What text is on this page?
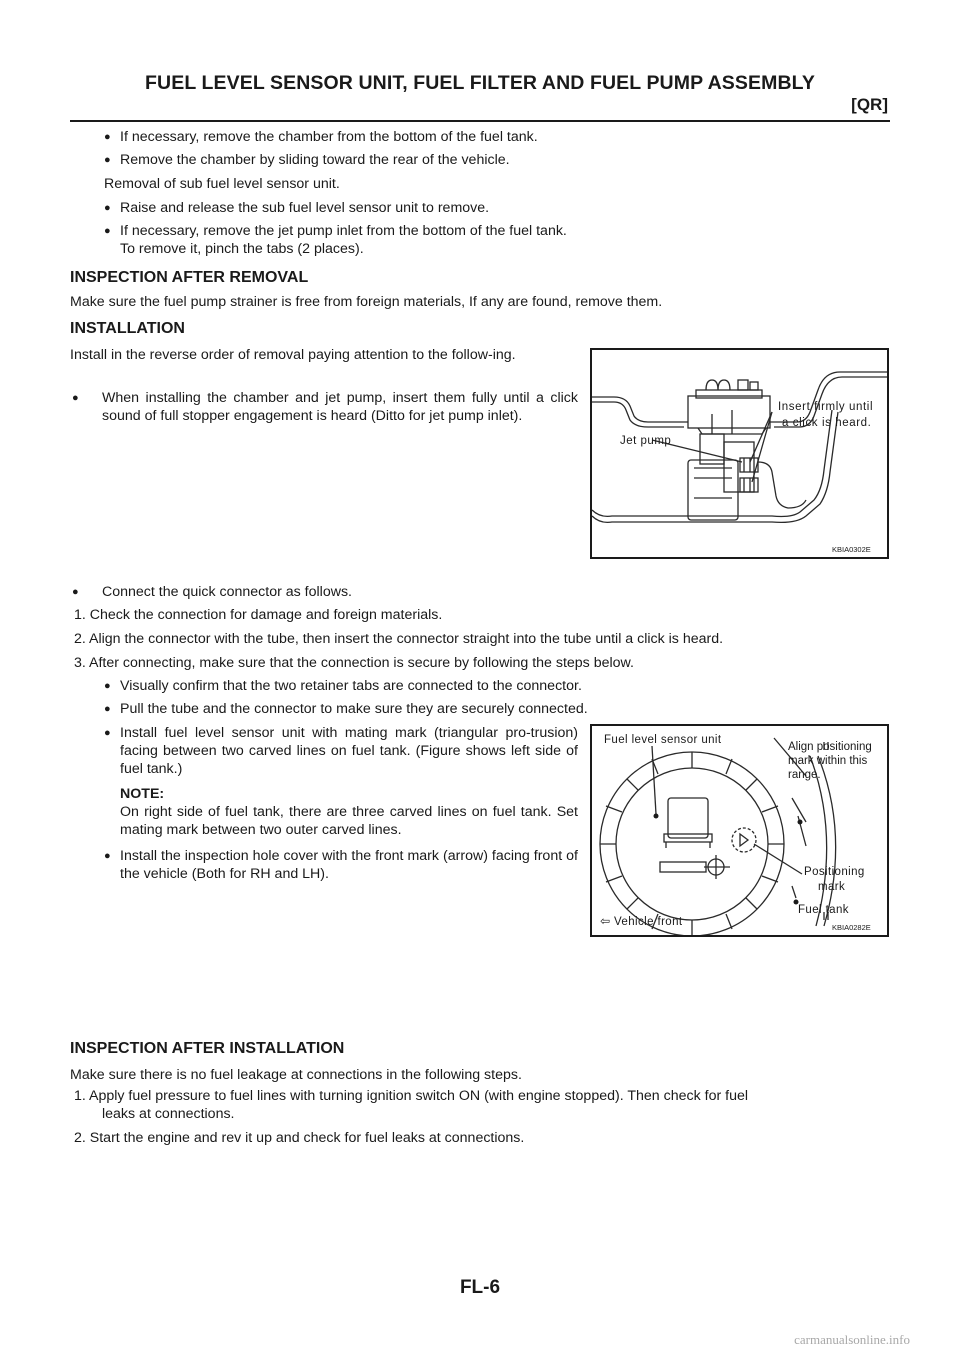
FUEL LEVEL SENSOR UNIT, FUEL FILTER AND FUEL PUMP ASSEMBLY
[QR]
● If necessary, remove the chamber from the bottom of the fuel tank.
● Remove the chamber by sliding toward the rear of the vehicle.
Removal of sub fuel level sensor unit.
● Raise and release the sub fuel level sensor unit to remove.
● If necessary, remove the jet pump inlet from the bottom of the fuel tank.
To remove it, pinch the tabs (2 places).
INSPECTION AFTER REMOVAL
Make sure the fuel pump strainer is free from foreign materials, If any are found, remove them.
INSTALLATION
Install in the reverse order of removal paying attention to the follow-ing.
● When installing the chamber and jet pump, insert them fully until a click sound of full stopper engagement is heard (Ditto for jet pump inlet).
Jet pump
Insert firmly until
a click is heard.
KBIA0302E
● Connect the quick connector as follows.
1. Check the connection for damage and foreign materials.
2. Align the connector with the tube, then insert the connector straight into the tube until a click is heard.
3. After connecting, make sure that the connection is secure by following the steps below.
● Visually confirm that the two retainer tabs are connected to the connector.
● Pull the tube and the connector to make sure they are securely connected.
● Install fuel level sensor unit with mating mark (triangular pro-trusion) facing between two carved lines on fuel tank. (Figure shows left side of fuel tank.)
NOTE:
On right side of fuel tank, there are three carved lines on fuel tank. Set mating mark between two outer carved lines.
● Install the inspection hole cover with the front mark (arrow) facing front of the vehicle (Both for RH and LH).
Fuel level sensor unit
Align positioning
mark within this
range.
Positioning
mark
Fuel tank
⇦ Vehicle front	KBIA0282E
INSPECTION AFTER INSTALLATION
Make sure there is no fuel leakage at connections in the following steps.
1. Apply fuel pressure to fuel lines with turning ignition switch ON (with engine stopped). Then check for fuel
leaks at connections.
2. Start the engine and rev it up and check for fuel leaks at connections.
FL-6
carmanualsonline.info
